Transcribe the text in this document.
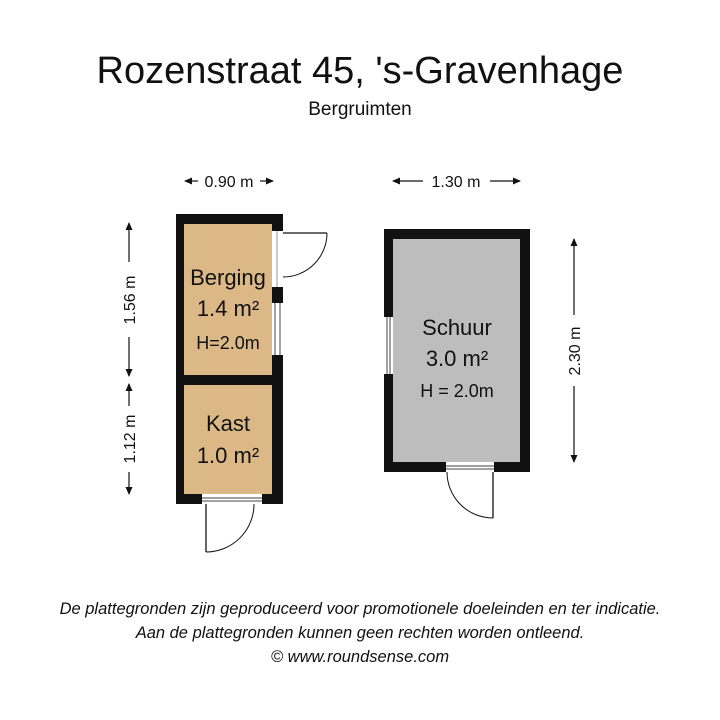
Rozenstraat 45, 's-Gravenhage
Bergruimten
Berging
1.4 m²
H=2.0m
Kast
1.0 m²
Schuur
3.0 m²
H = 2.0m
0.90 m	1.30 m
1.56 m
1.12 m
2.30 m
De plattegronden zijn geproduceerd voor promotionele doeleinden en ter indicatie.
Aan de plattegronden kunnen geen rechten worden ontleend.
© www.roundsense.com
